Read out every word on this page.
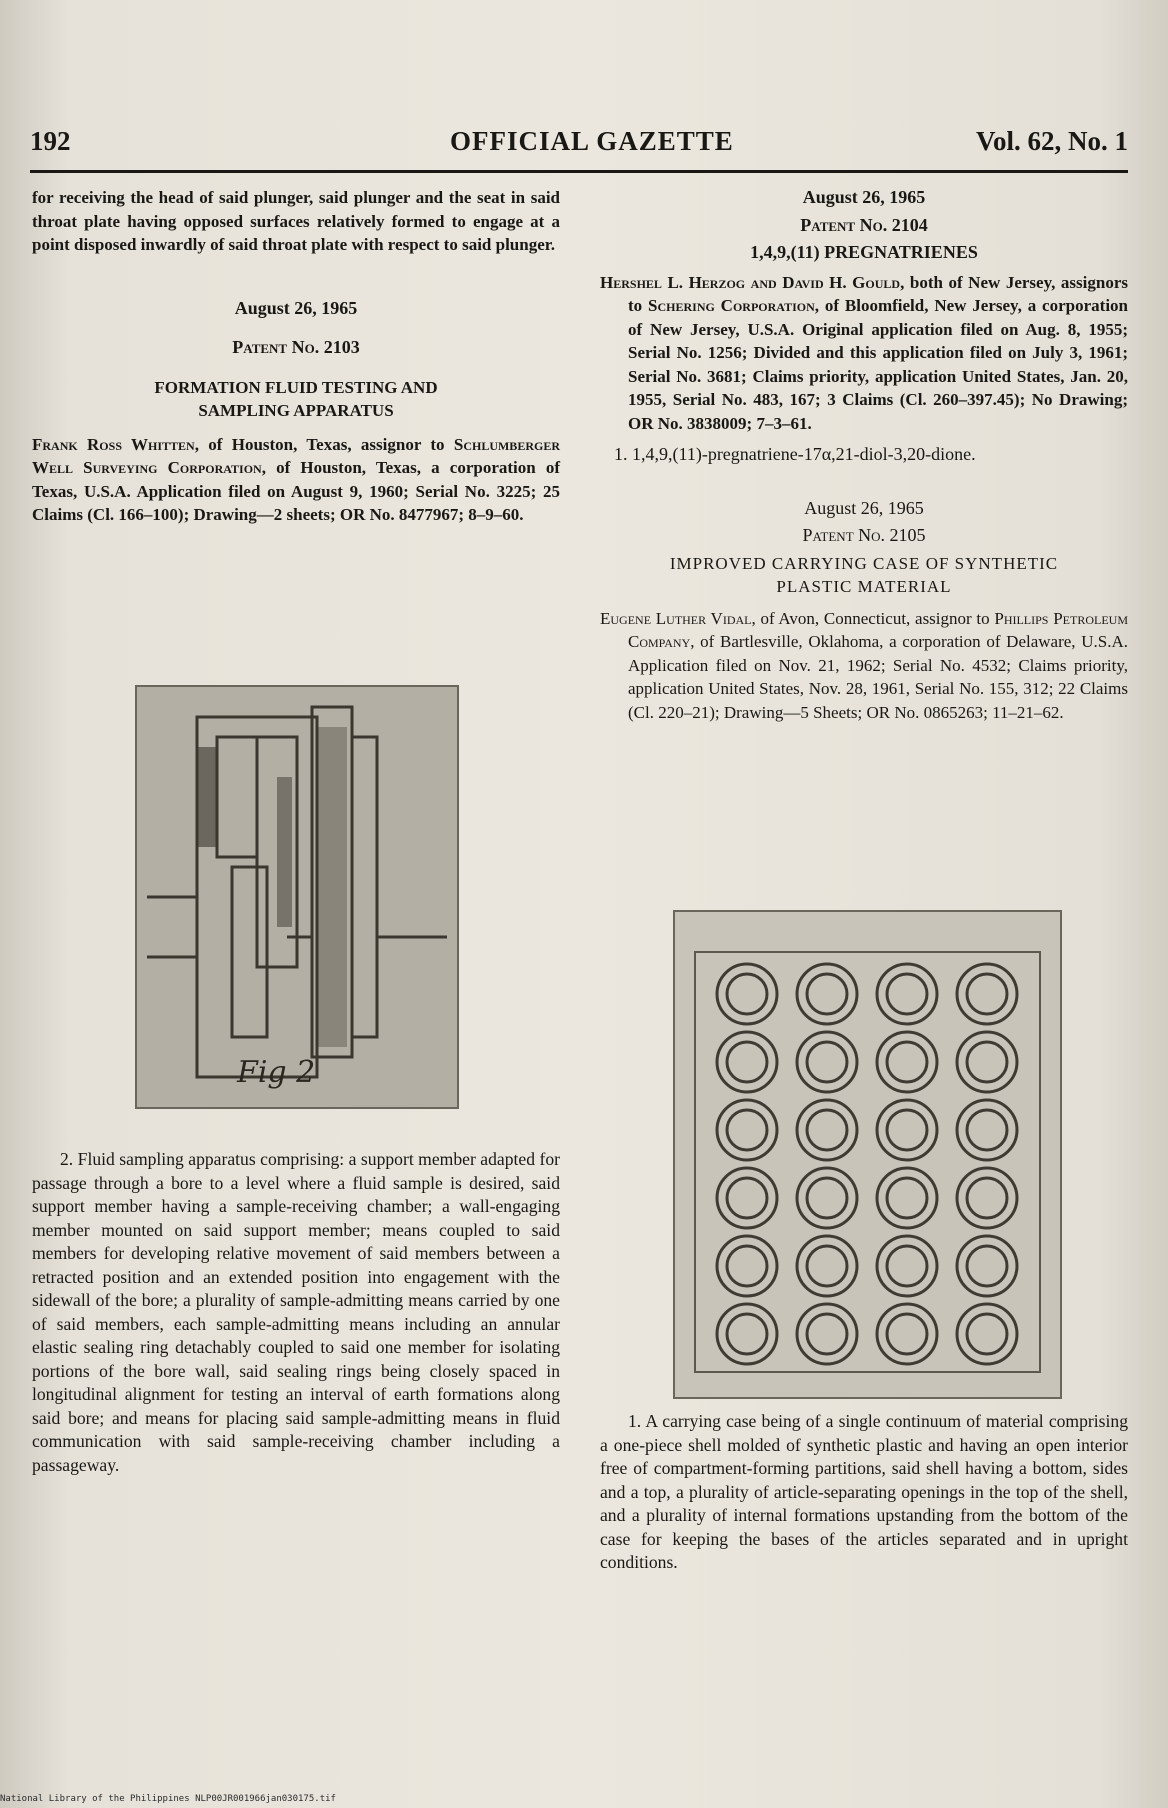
192	OFFICIAL GAZETTE	Vol. 62, No. 1

for receiving the head of said plunger, said plunger and the seat in said throat plate having opposed surfaces relatively formed to engage at a point disposed inwardly of said throat plate with respect to said plunger.

August 26, 1965

Patent No. 2103

FORMATION FLUID TESTING AND

SAMPLING APPARATUS

Frank Ross Whitten, of Houston, Texas, assignor to Schlumberger Well Surveying Corporation, of Houston, Texas, a corporation of Texas, U.S.A. Application filed on August 9, 1960; Serial No. 3225; 25 Claims (Cl. 166–100); Drawing—2 sheets; OR No. 8477967; 8–9–60.

Fig 2

2. Fluid sampling apparatus comprising: a support member adapted for passage through a bore to a level where a fluid sample is desired, said support member having a sample-receiving chamber; a wall-engaging member mounted on said support member; means coupled to said members for developing relative movement of said members between a retracted position and an extended position into engagement with the sidewall of the bore; a plurality of sample-admitting means carried by one of said members, each sample-admitting means including an annular elastic sealing ring detachably coupled to said one member for isolating portions of the bore wall, said sealing rings being closely spaced in longitudinal alignment for testing an interval of earth formations along said bore; and means for placing said sample-admitting means in fluid communication with said sample-receiving chamber including a passageway.

August 26, 1965

Patent No. 2104

1,4,9,(11) PREGNATRIENES

Hershel L. Herzog and David H. Gould, both of New Jersey, assignors to Schering Corporation, of Bloomfield, New Jersey, a corporation of New Jersey, U.S.A. Original application filed on Aug. 8, 1955; Serial No. 1256; Divided and this application filed on July 3, 1961; Serial No. 3681; Claims priority, application United States, Jan. 20, 1955, Serial No. 483, 167; 3 Claims (Cl. 260–397.45); No Drawing; OR No. 3838009; 7–3–61.

1. 1,4,9,(11)-pregnatriene-17α,21-diol-3,20-dione.

August 26, 1965

Patent No. 2105

IMPROVED CARRYING CASE OF SYNTHETIC

PLASTIC MATERIAL

Eugene Luther Vidal, of Avon, Connecticut, assignor to Phillips Petroleum Company, of Bartlesville, Oklahoma, a corporation of Delaware, U.S.A. Application filed on Nov. 21, 1962; Serial No. 4532; Claims priority, application United States, Nov. 28, 1961, Serial No. 155, 312; 22 Claims (Cl. 220–21); Drawing—5 Sheets; OR No. 0865263; 11–21–62.

1. A carrying case being of a single continuum of material comprising a one-piece shell molded of synthetic plastic and having an open interior free of compartment-forming partitions, said shell having a bottom, sides and a top, a plurality of article-separating openings in the top of the shell, and a plurality of internal formations upstanding from the bottom of the case for keeping the bases of the articles separated and in upright conditions.

National Library of the Philippines NLP00JR001966jan030175.tif
